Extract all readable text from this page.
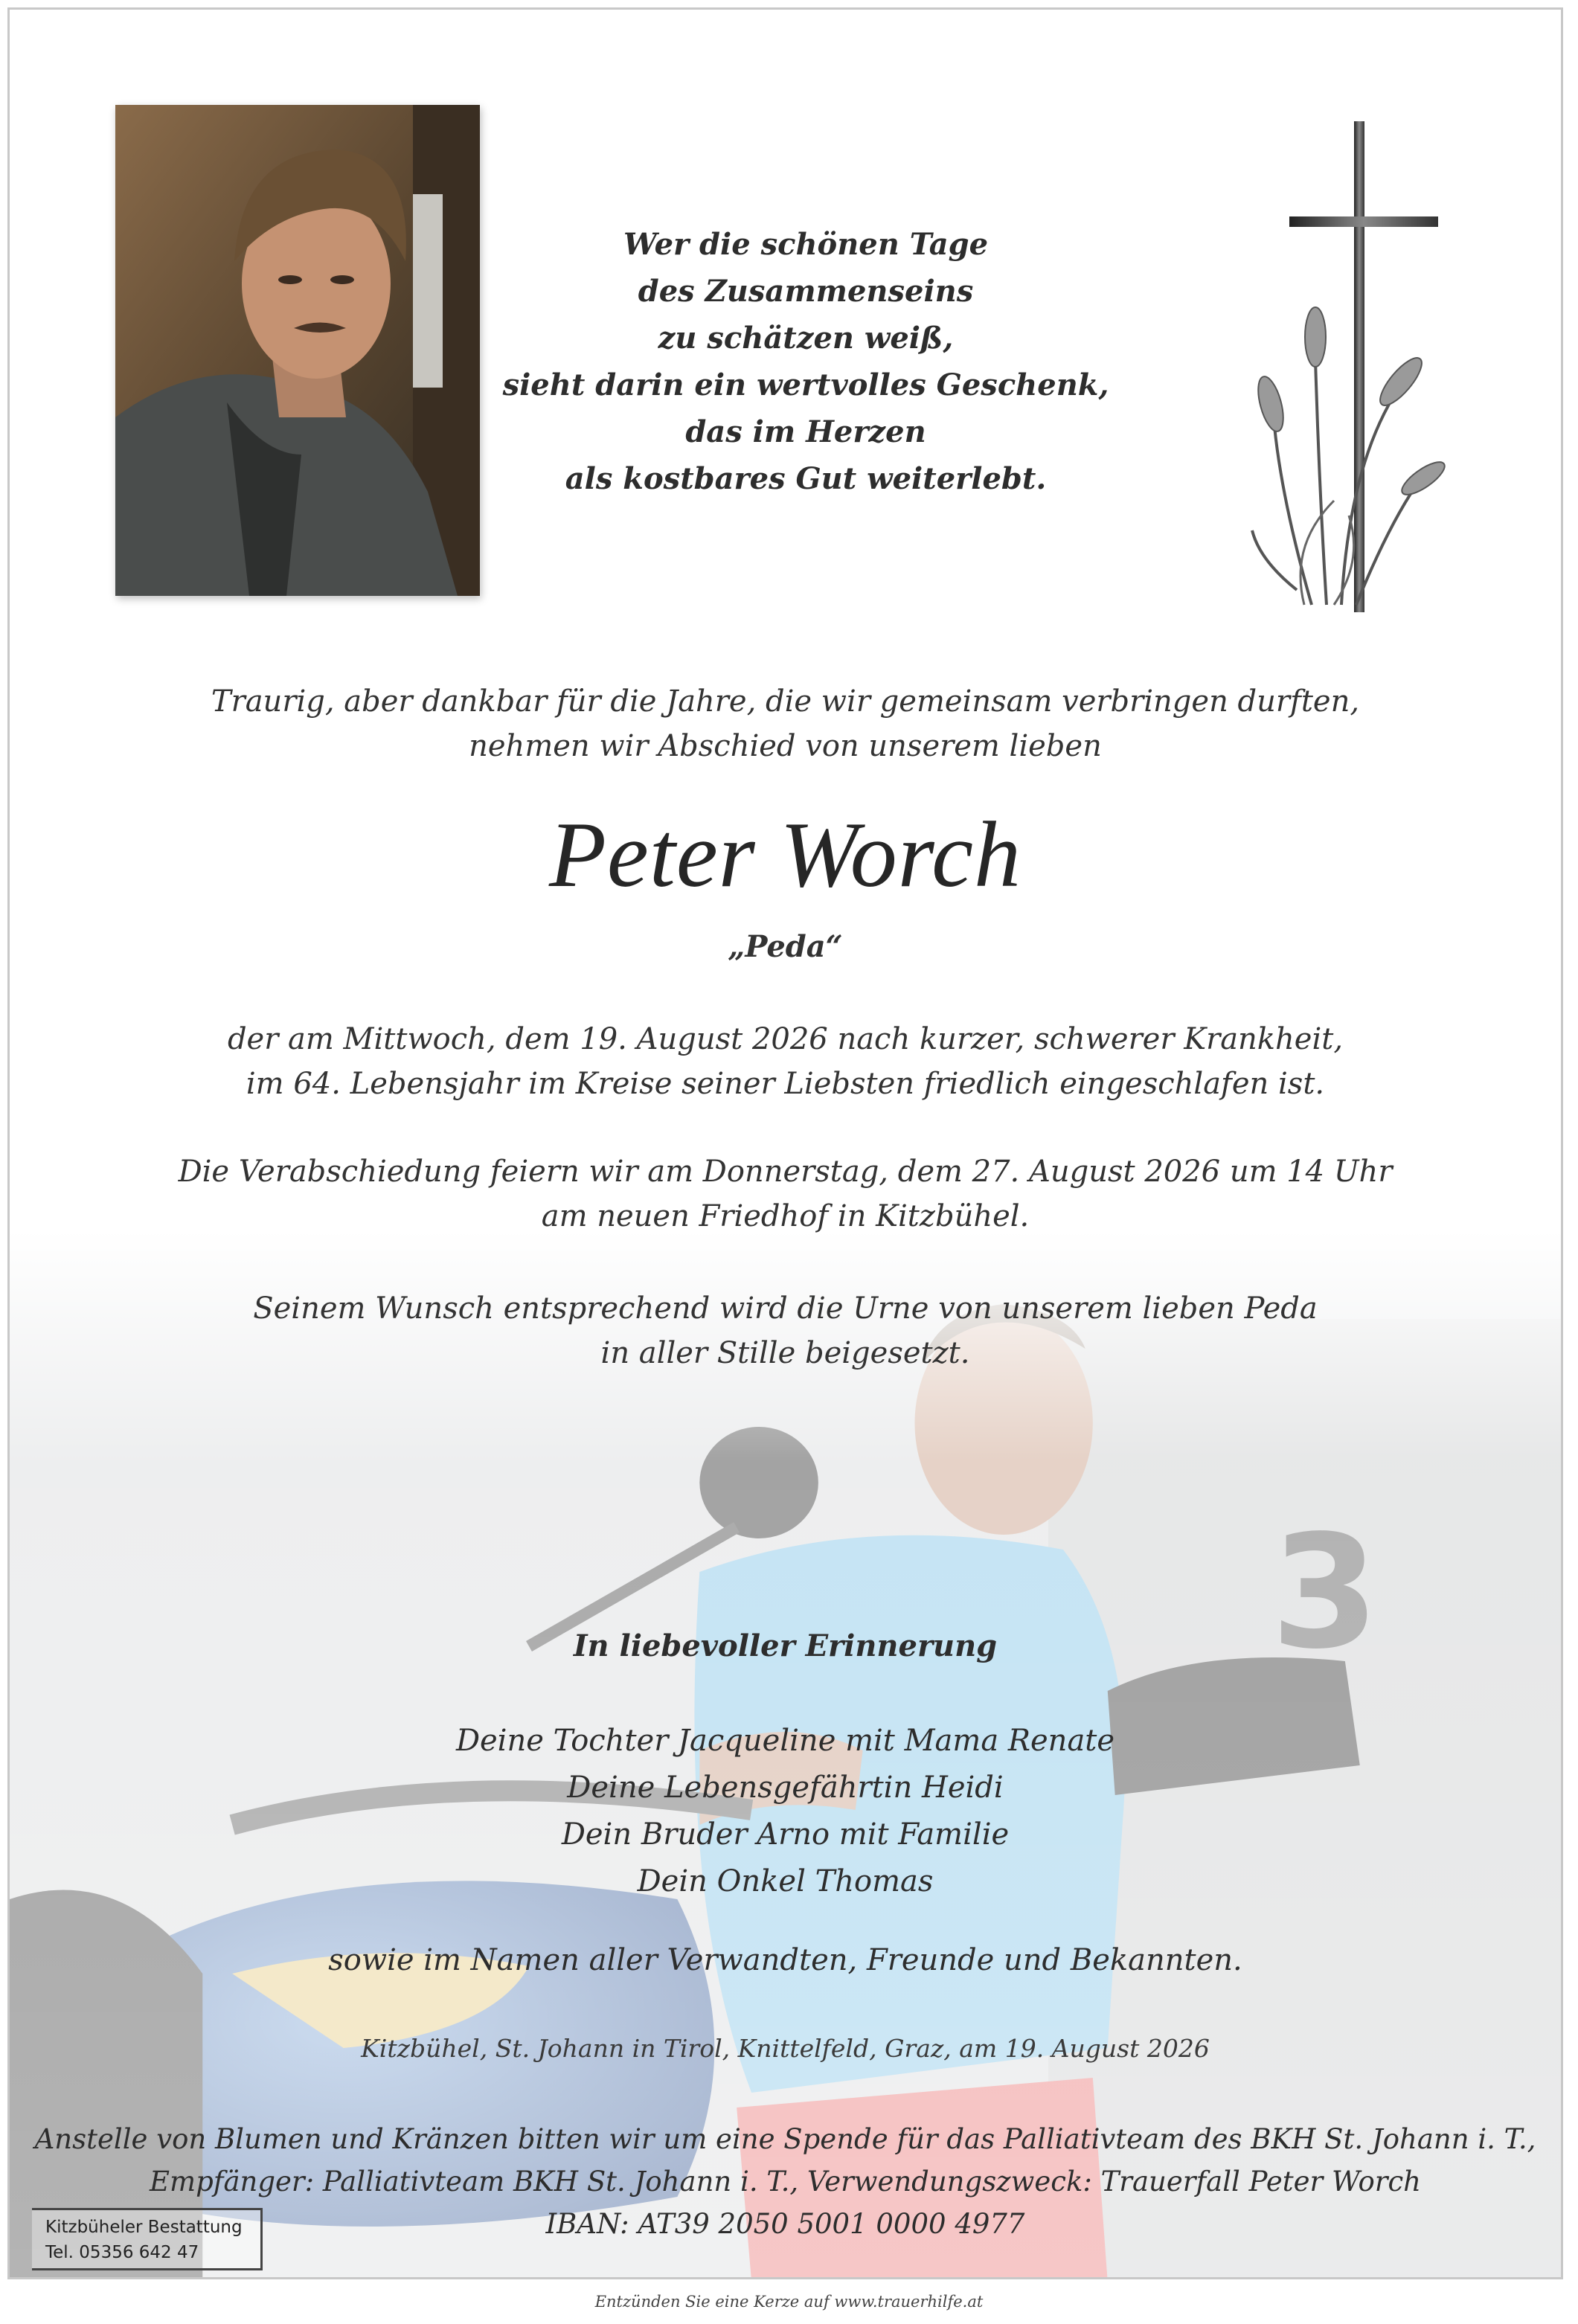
Wer die schönen Tage
des Zusammenseins
zu schätzen weiß,
sieht darin ein wertvolles Geschenk,
das im Herzen
als kostbares Gut weiterlebt.
Traurig, aber dankbar für die Jahre, die wir gemeinsam verbringen durften,
nehmen wir Abschied von unserem lieben
Peter Worch
„Peda“
der am Mittwoch, dem 19. August 2026 nach kurzer, schwerer Krankheit,
im 64. Lebensjahr im Kreise seiner Liebsten friedlich eingeschlafen ist.
Die Verabschiedung feiern wir am Donnerstag, dem 27. August 2026 um 14 Uhr
am neuen Friedhof in Kitzbühel.
Seinem Wunsch entsprechend wird die Urne von unserem lieben Peda
in aller Stille beigesetzt.
In liebevoller Erinnerung
Deine Tochter Jacqueline mit Mama Renate
Deine Lebensgefährtin Heidi
Dein Bruder Arno mit Familie
Dein Onkel Thomas
sowie im Namen aller Verwandten, Freunde und Bekannten.
Kitzbühel, St. Johann in Tirol, Knittelfeld, Graz, am 19. August 2026
Anstelle von Blumen und Kränzen bitten wir um eine Spende für das Palliativteam des BKH St. Johann i. T.,
Empfänger: Palliativteam BKH St. Johann i. T., Verwendungszweck: Trauerfall Peter Worch
IBAN: AT39 2050 5001 0000 4977
Kitzbüheler Bestattung
Tel. 05356 642 47
Entzünden Sie eine Kerze auf www.trauerhilfe.at
